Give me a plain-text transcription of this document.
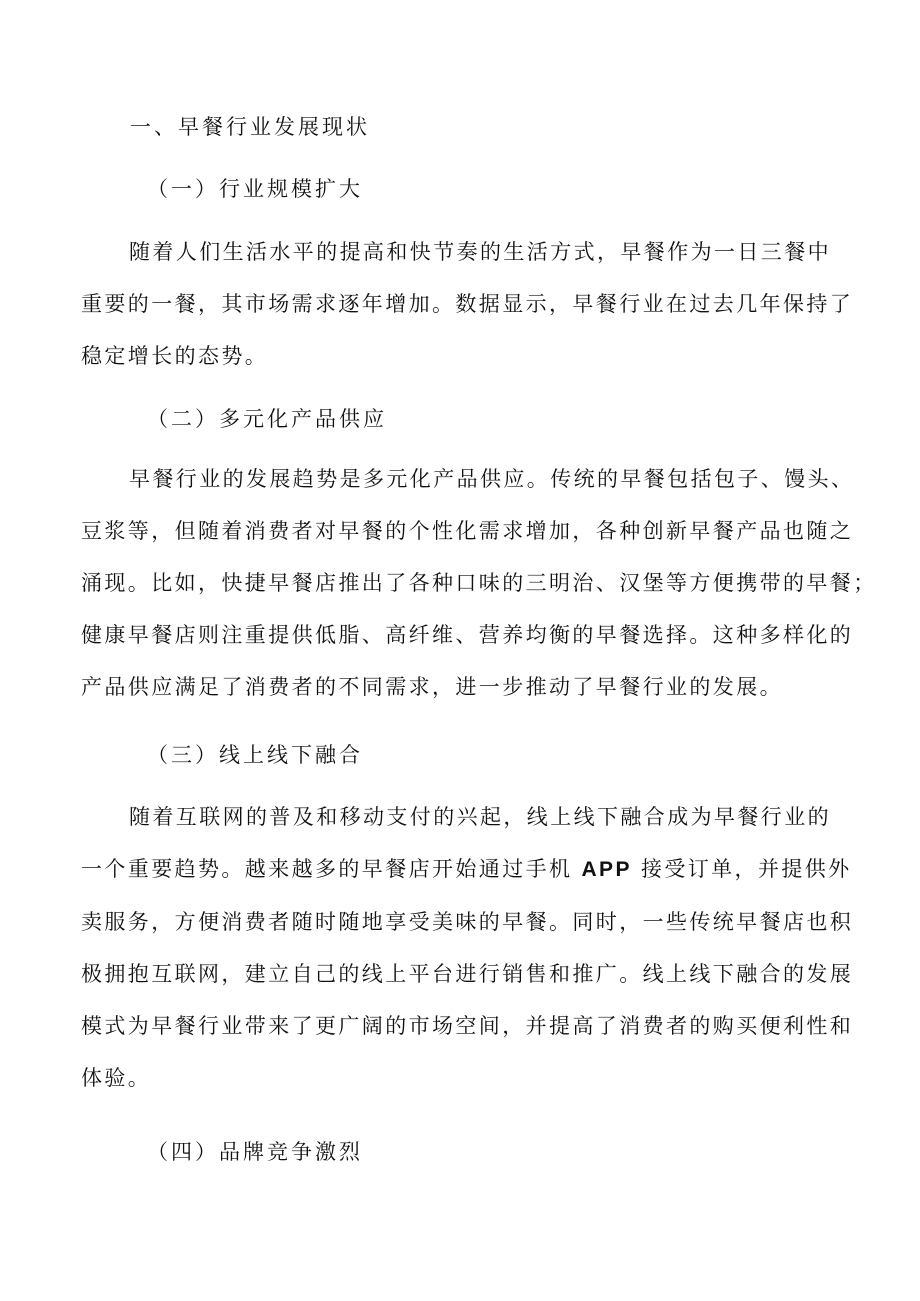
一、早餐行业发展现状
（一）行业规模扩大
随着人们生活水平的提高和快节奏的生活方式，早餐作为一日三餐中
重要的一餐，其市场需求逐年增加。数据显示，早餐行业在过去几年保持了
稳定增长的态势。
（二）多元化产品供应
早餐行业的发展趋势是多元化产品供应。传统的早餐包括包子、馒头、
豆浆等，但随着消费者对早餐的个性化需求增加，各种创新早餐产品也随之
涌现。比如，快捷早餐店推出了各种口味的三明治、汉堡等方便携带的早餐；
健康早餐店则注重提供低脂、高纤维、营养均衡的早餐选择。这种多样化的
产品供应满足了消费者的不同需求，进一步推动了早餐行业的发展。
（三）线上线下融合
随着互联网的普及和移动支付的兴起，线上线下融合成为早餐行业的
一个重要趋势。越来越多的早餐店开始通过手机 APP 接受订单，并提供外
卖服务，方便消费者随时随地享受美味的早餐。同时，一些传统早餐店也积
极拥抱互联网，建立自己的线上平台进行销售和推广。线上线下融合的发展
模式为早餐行业带来了更广阔的市场空间，并提高了消费者的购买便利性和
体验。
（四）品牌竞争激烈
